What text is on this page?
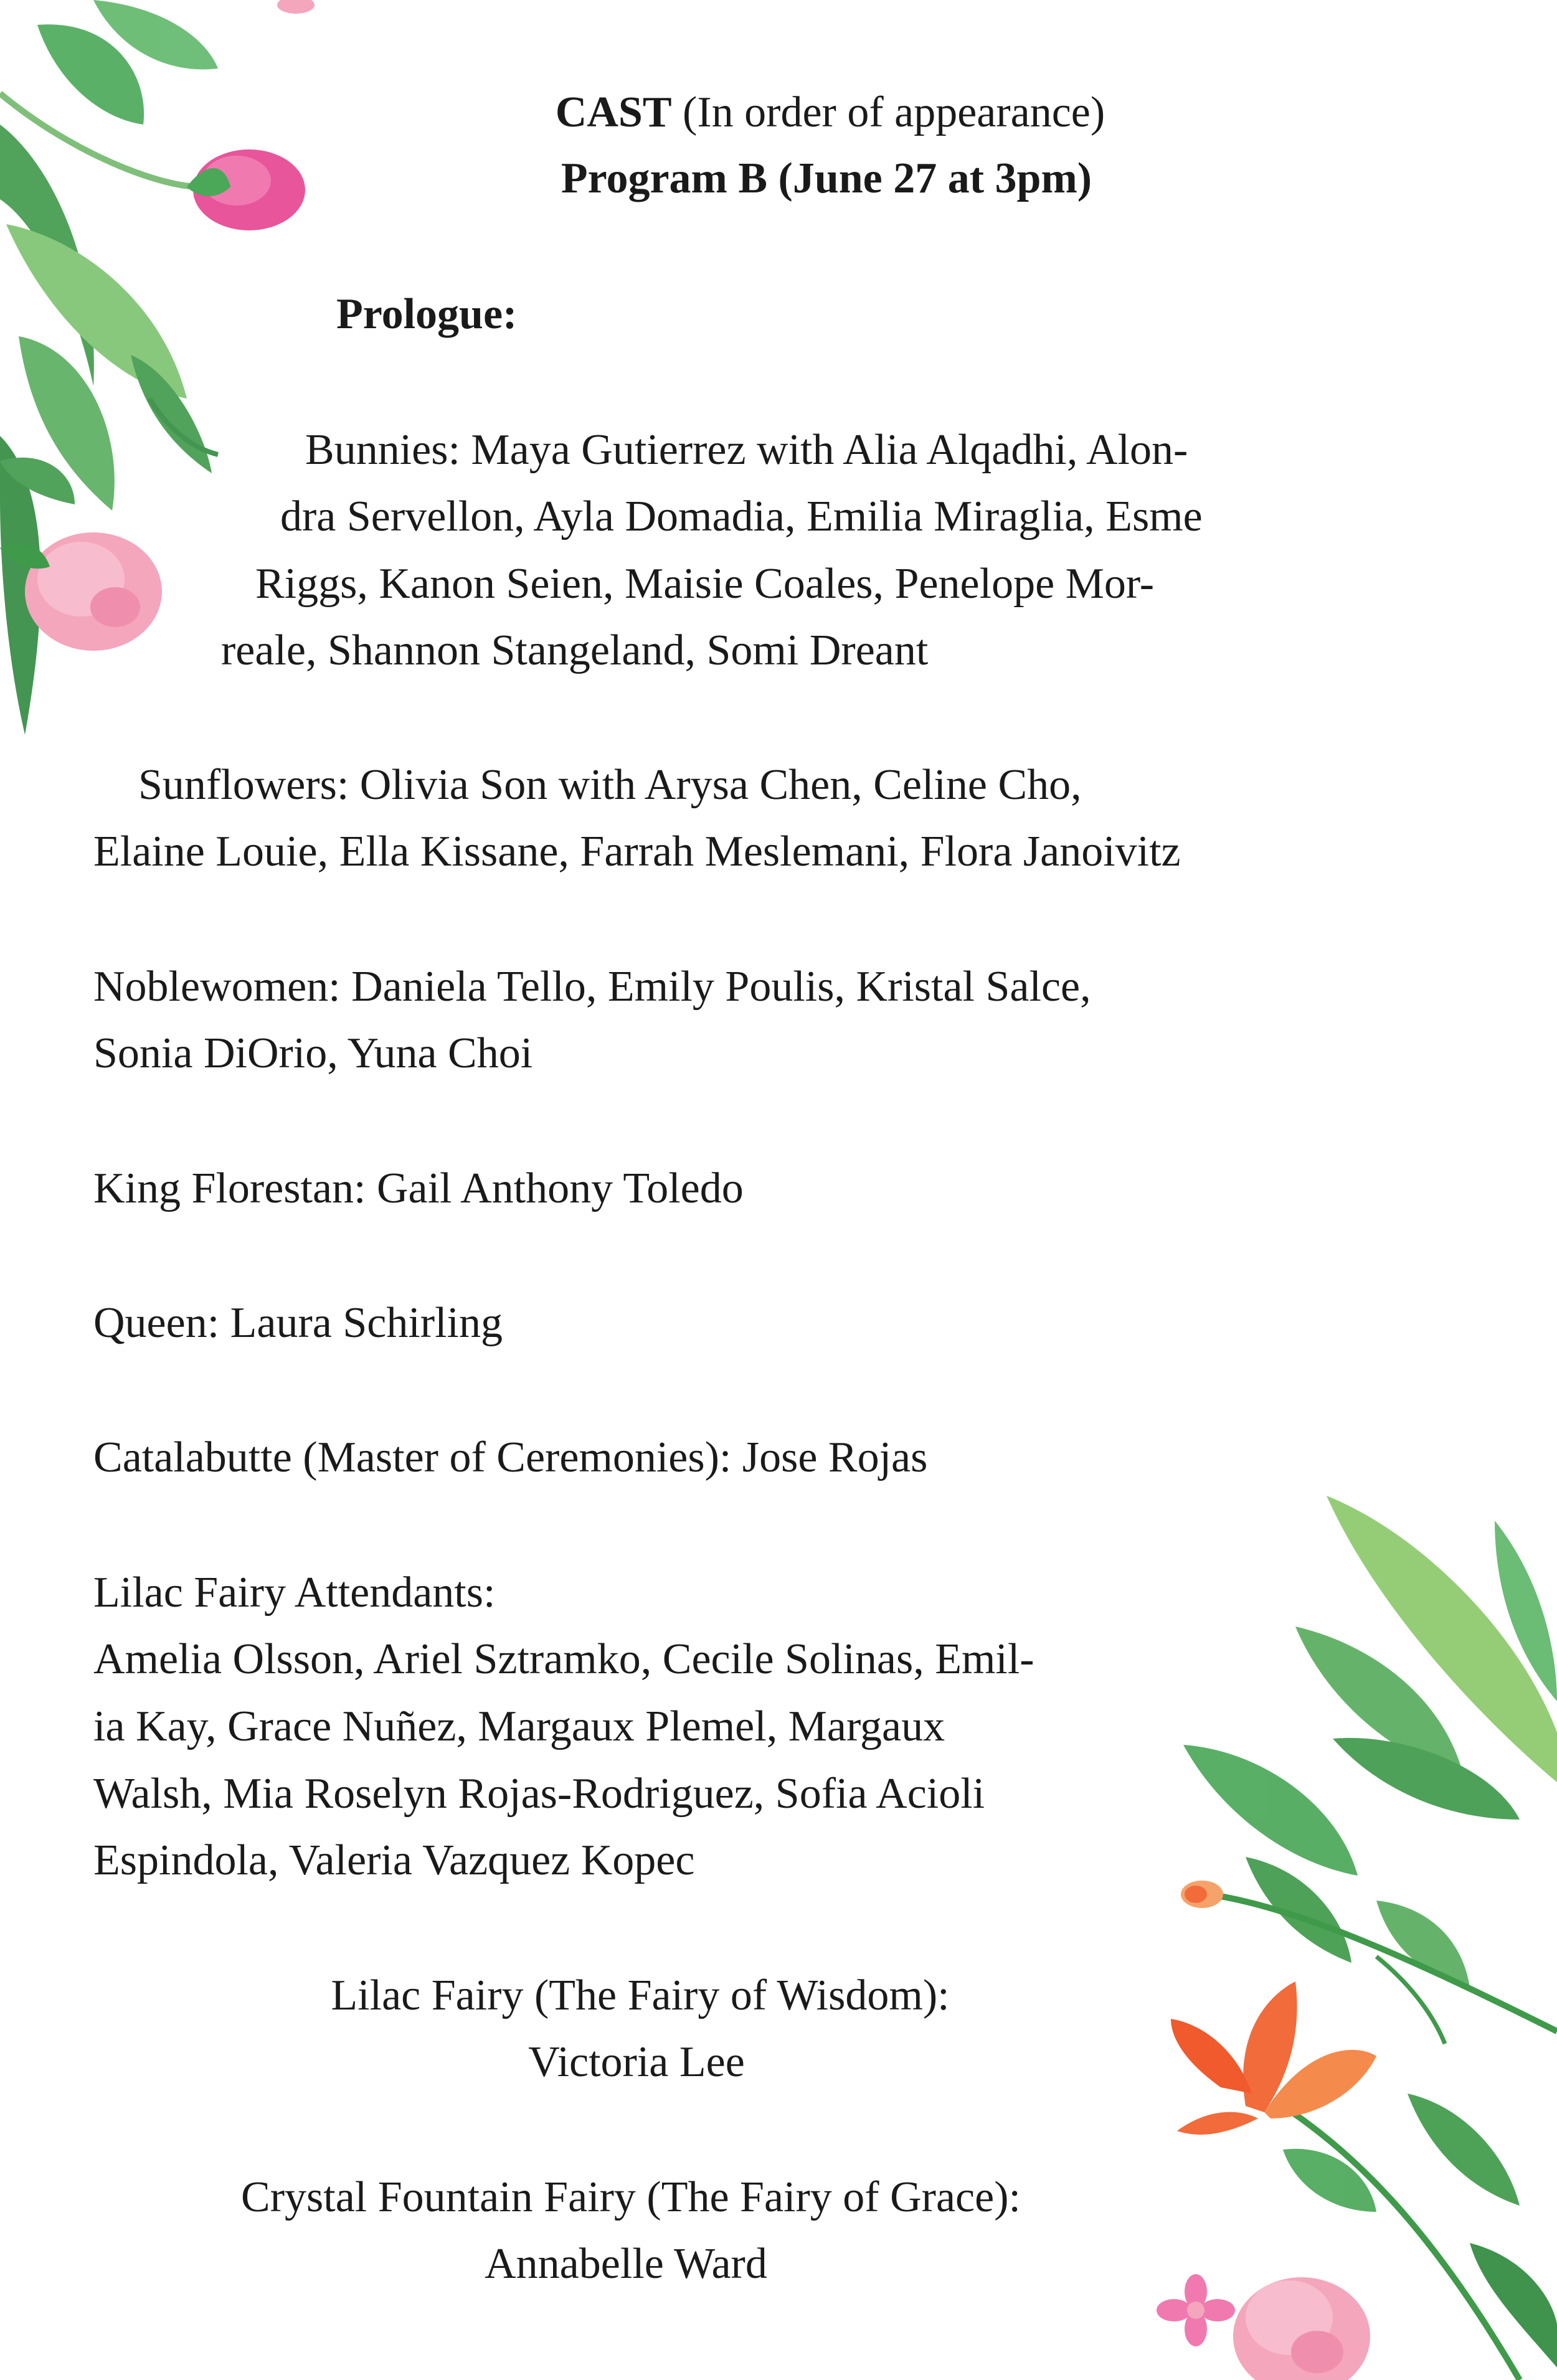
CAST (In order of appearance)
Program B (June 27 at 3pm)
Prologue:
Bunnies: Maya Gutierrez with Alia Alqadhi, Alon-
dra Servellon, Ayla Domadia, Emilia Miraglia, Esme
Riggs, Kanon Seien, Maisie Coales, Penelope Mor-
reale, Shannon Stangeland, Somi Dreant
Sunflowers: Olivia Son with Arysa Chen, Celine Cho,
Elaine Louie, Ella Kissane, Farrah Meslemani, Flora Janoivitz
Noblewomen: Daniela Tello, Emily Poulis, Kristal Salce,
Sonia DiOrio, Yuna Choi
King Florestan: Gail Anthony Toledo
Queen: Laura Schirling
Catalabutte (Master of Ceremonies): Jose Rojas
Lilac Fairy Attendants:
Amelia Olsson, Ariel Sztramko, Cecile Solinas, Emil-
ia Kay, Grace Nuñez, Margaux Plemel, Margaux
Walsh, Mia Roselyn Rojas-Rodriguez, Sofia Acioli
Espindola, Valeria Vazquez Kopec
Lilac Fairy (The Fairy of Wisdom):
Victoria Lee
Crystal Fountain Fairy (The Fairy of Grace):
Annabelle Ward
